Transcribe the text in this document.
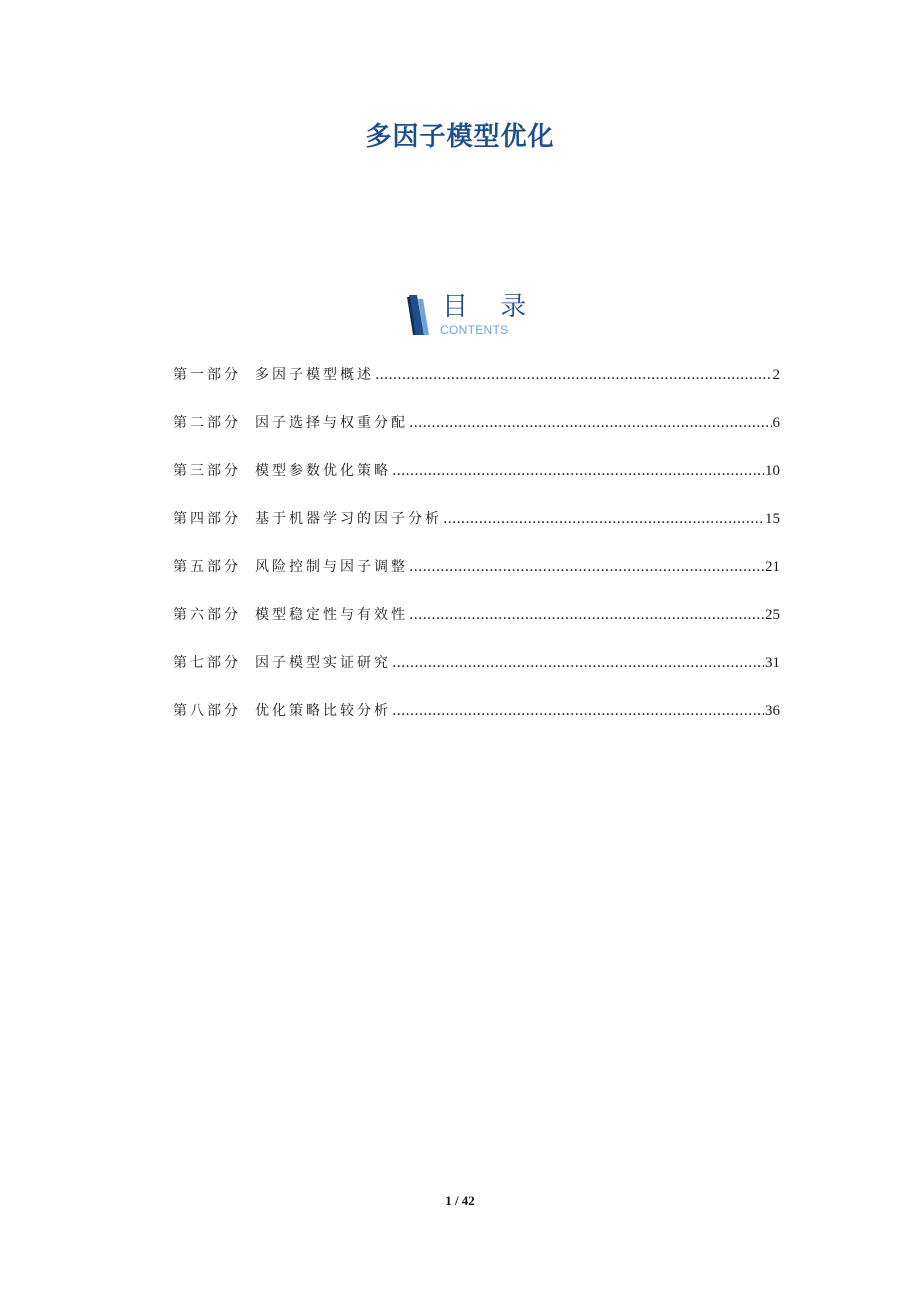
多因子模型优化
目 录
CONTENTS
第一部分	多因子模型概述 .....	2
第二部分	因子选择与权重分配 .....	6
第三部分	模型参数优化策略 .....	10
第四部分	基于机器学习的因子分析 .....	15
第五部分	风险控制与因子调整 .....	21
第六部分	模型稳定性与有效性 .....	25
第七部分	因子模型实证研究 .....	31
第八部分	优化策略比较分析 .....	36
1 / 42
